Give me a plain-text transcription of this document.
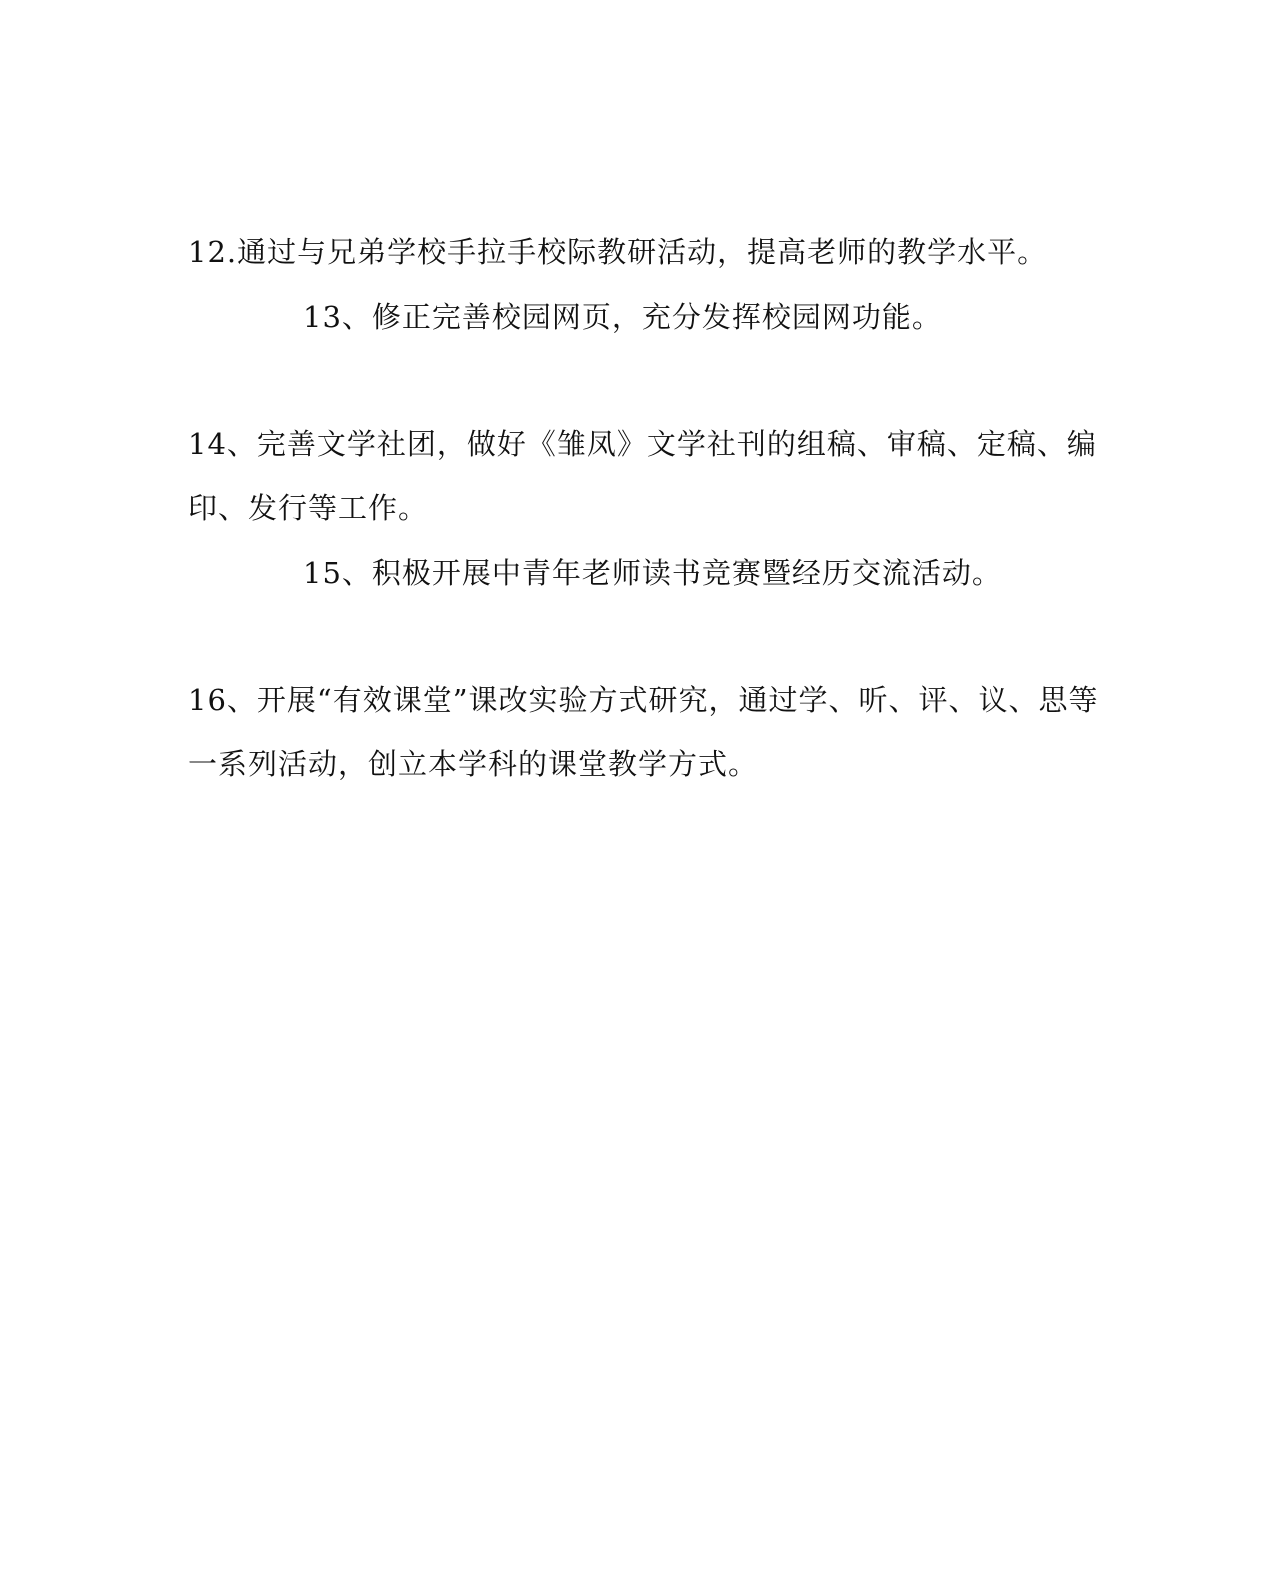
12.通过与兄弟学校手拉手校际教研活动，提高老师的教学水平。
13、修正完善校园网页，充分发挥校园网功能。
14、完善文学社团，做好《雏凤》文学社刊的组稿、审稿、定稿、编
印、发行等工作。
15、积极开展中青年老师读书竞赛暨经历交流活动。
16、开展“有效课堂”课改实验方式研究，通过学、听、评、议、思等
一系列活动，创立本学科的课堂教学方式。
